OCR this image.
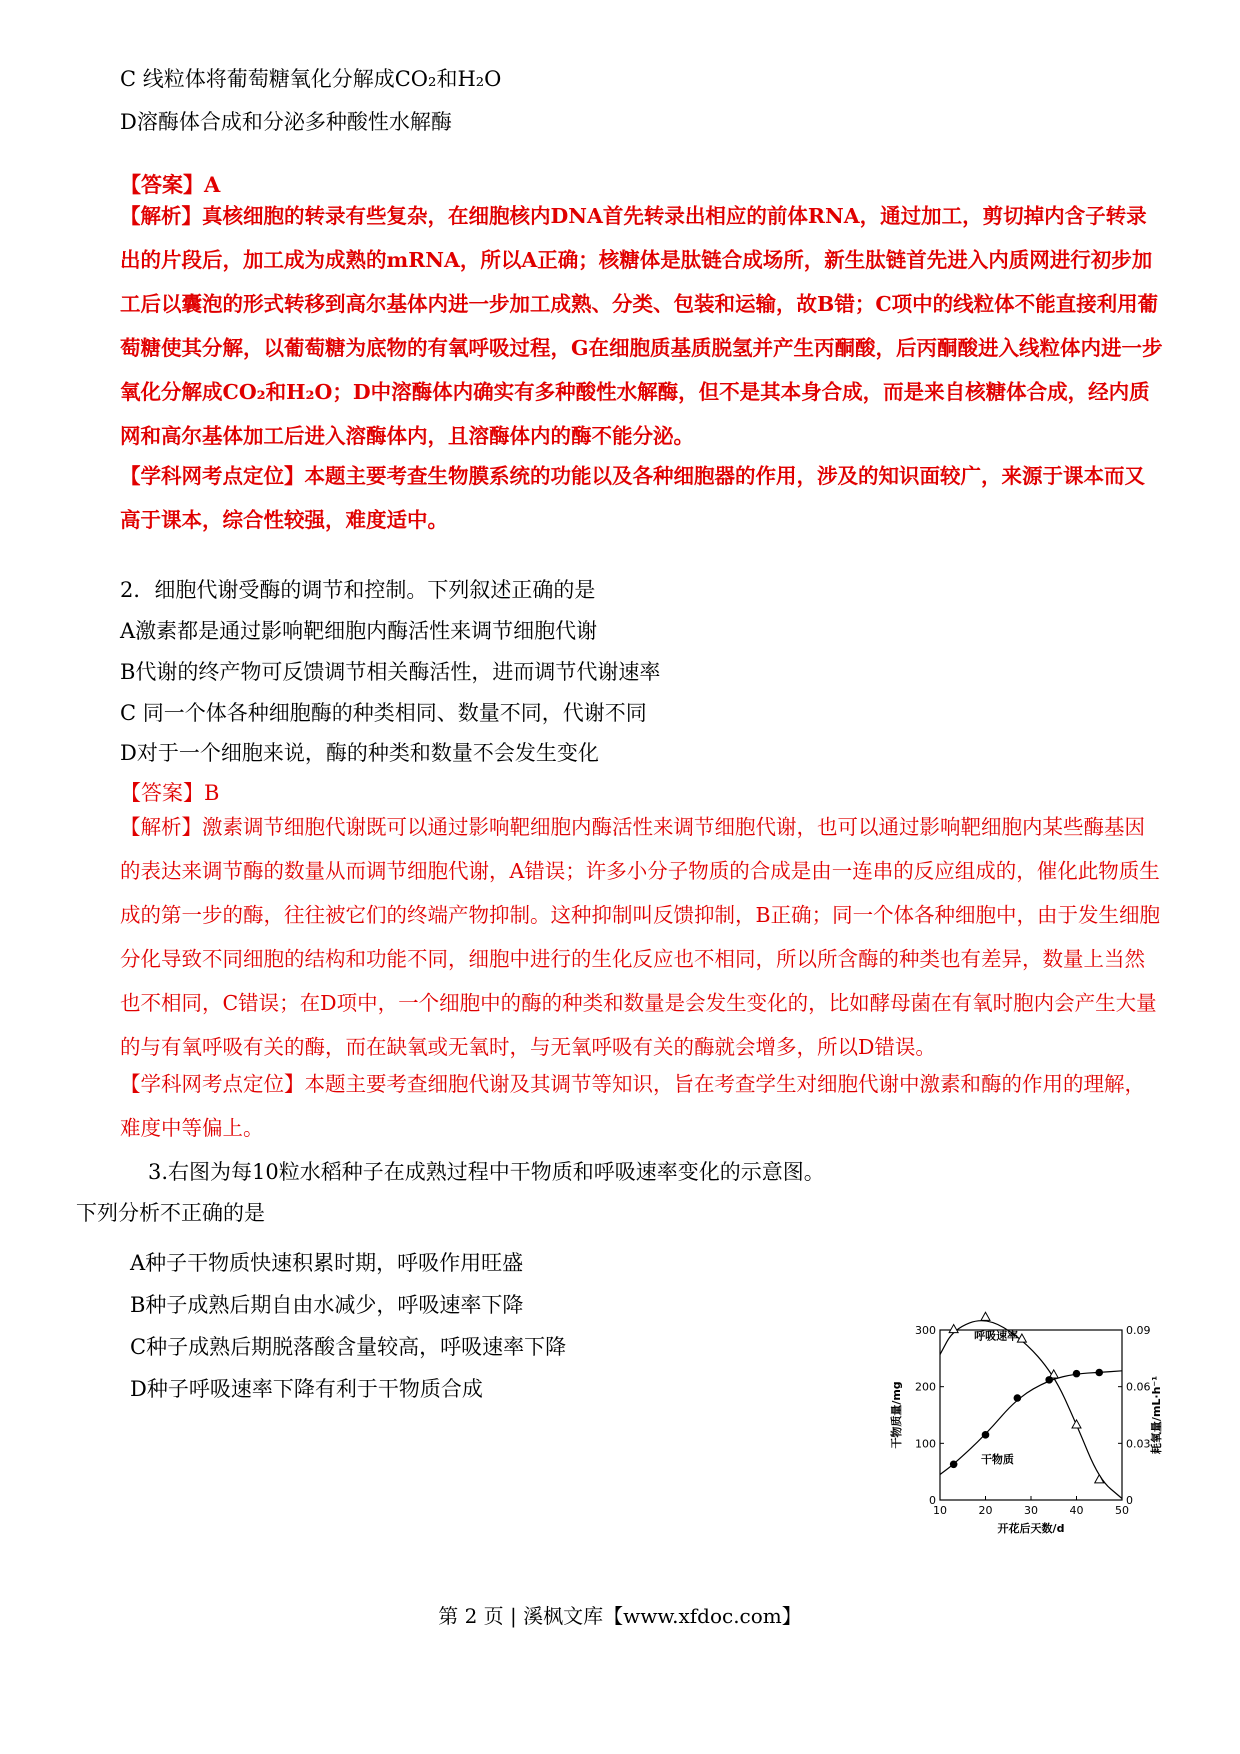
C 线粒体将葡萄糖氧化分解成CO₂和H₂O
D溶酶体合成和分泌多种酸性水解酶
【答案】A
【解析】真核细胞的转录有些复杂，在细胞核内DNA首先转录出相应的前体RNA，通过加工，剪切掉内含子转录出的片段后，加工成为成熟的mRNA，所以A正确；核糖体是肽链合成场所，新生肽链首先进入内质网进行初步加工后以囊泡的形式转移到高尔基体内进一步加工成熟、分类、包装和运输，故B错；C项中的线粒体不能直接利用葡萄糖使其分解，以葡萄糖为底物的有氧呼吸过程，G在细胞质基质脱氢并产生丙酮酸，后丙酮酸进入线粒体内进一步氧化分解成CO₂和H₂O；D中溶酶体内确实有多种酸性水解酶，但不是其本身合成，而是来自核糖体合成，经内质网和高尔基体加工后进入溶酶体内，且溶酶体内的酶不能分泌。
【学科网考点定位】本题主要考查生物膜系统的功能以及各种细胞器的作用，涉及的知识面较广，来源于课本而又高于课本，综合性较强，难度适中。
2．细胞代谢受酶的调节和控制。下列叙述正确的是
A激素都是通过影响靶细胞内酶活性来调节细胞代谢
B代谢的终产物可反馈调节相关酶活性，进而调节代谢速率
C 同一个体各种细胞酶的种类相同、数量不同，代谢不同
D对于一个细胞来说，酶的种类和数量不会发生变化
【答案】B
【解析】激素调节细胞代谢既可以通过影响靶细胞内酶活性来调节细胞代谢，也可以通过影响靶细胞内某些酶基因的表达来调节酶的数量从而调节细胞代谢，A错误；许多小分子物质的合成是由一连串的反应组成的，催化此物质生成的第一步的酶，往往被它们的终端产物抑制。这种抑制叫反馈抑制，B正确；同一个体各种细胞中，由于发生细胞分化导致不同细胞的结构和功能不同，细胞中进行的生化反应也不相同，所以所含酶的种类也有差异，数量上当然也不相同，C错误；在D项中，一个细胞中的酶的种类和数量是会发生变化的，比如酵母菌在有氧时胞内会产生大量的与有氧呼吸有关的酶，而在缺氧或无氧时，与无氧呼吸有关的酶就会增多，所以D错误。
【学科网考点定位】本题主要考查细胞代谢及其调节等知识，旨在考查学生对细胞代谢中激素和酶的作用的理解，难度中等偏上。
3.右图为每10粒水稻种子在成熟过程中干物质和呼吸速率变化的示意图。
下列分析不正确的是
A种子干物质快速积累时期，呼吸作用旺盛
B种子成熟后期自由水减少，呼吸速率下降
C种子成熟后期脱落酸含量较高，呼吸速率下降
D种子呼吸速率下降有利于干物质合成
10	20	30	40	50
0
100
200
300
0
0.03
0.06
0.09
开花后天数/d
干物质量/mg	耗氧量/mL·h⁻¹
呼吸速率
干物质
第 2 页 | 溪枫文库【www.xfdoc.com】
